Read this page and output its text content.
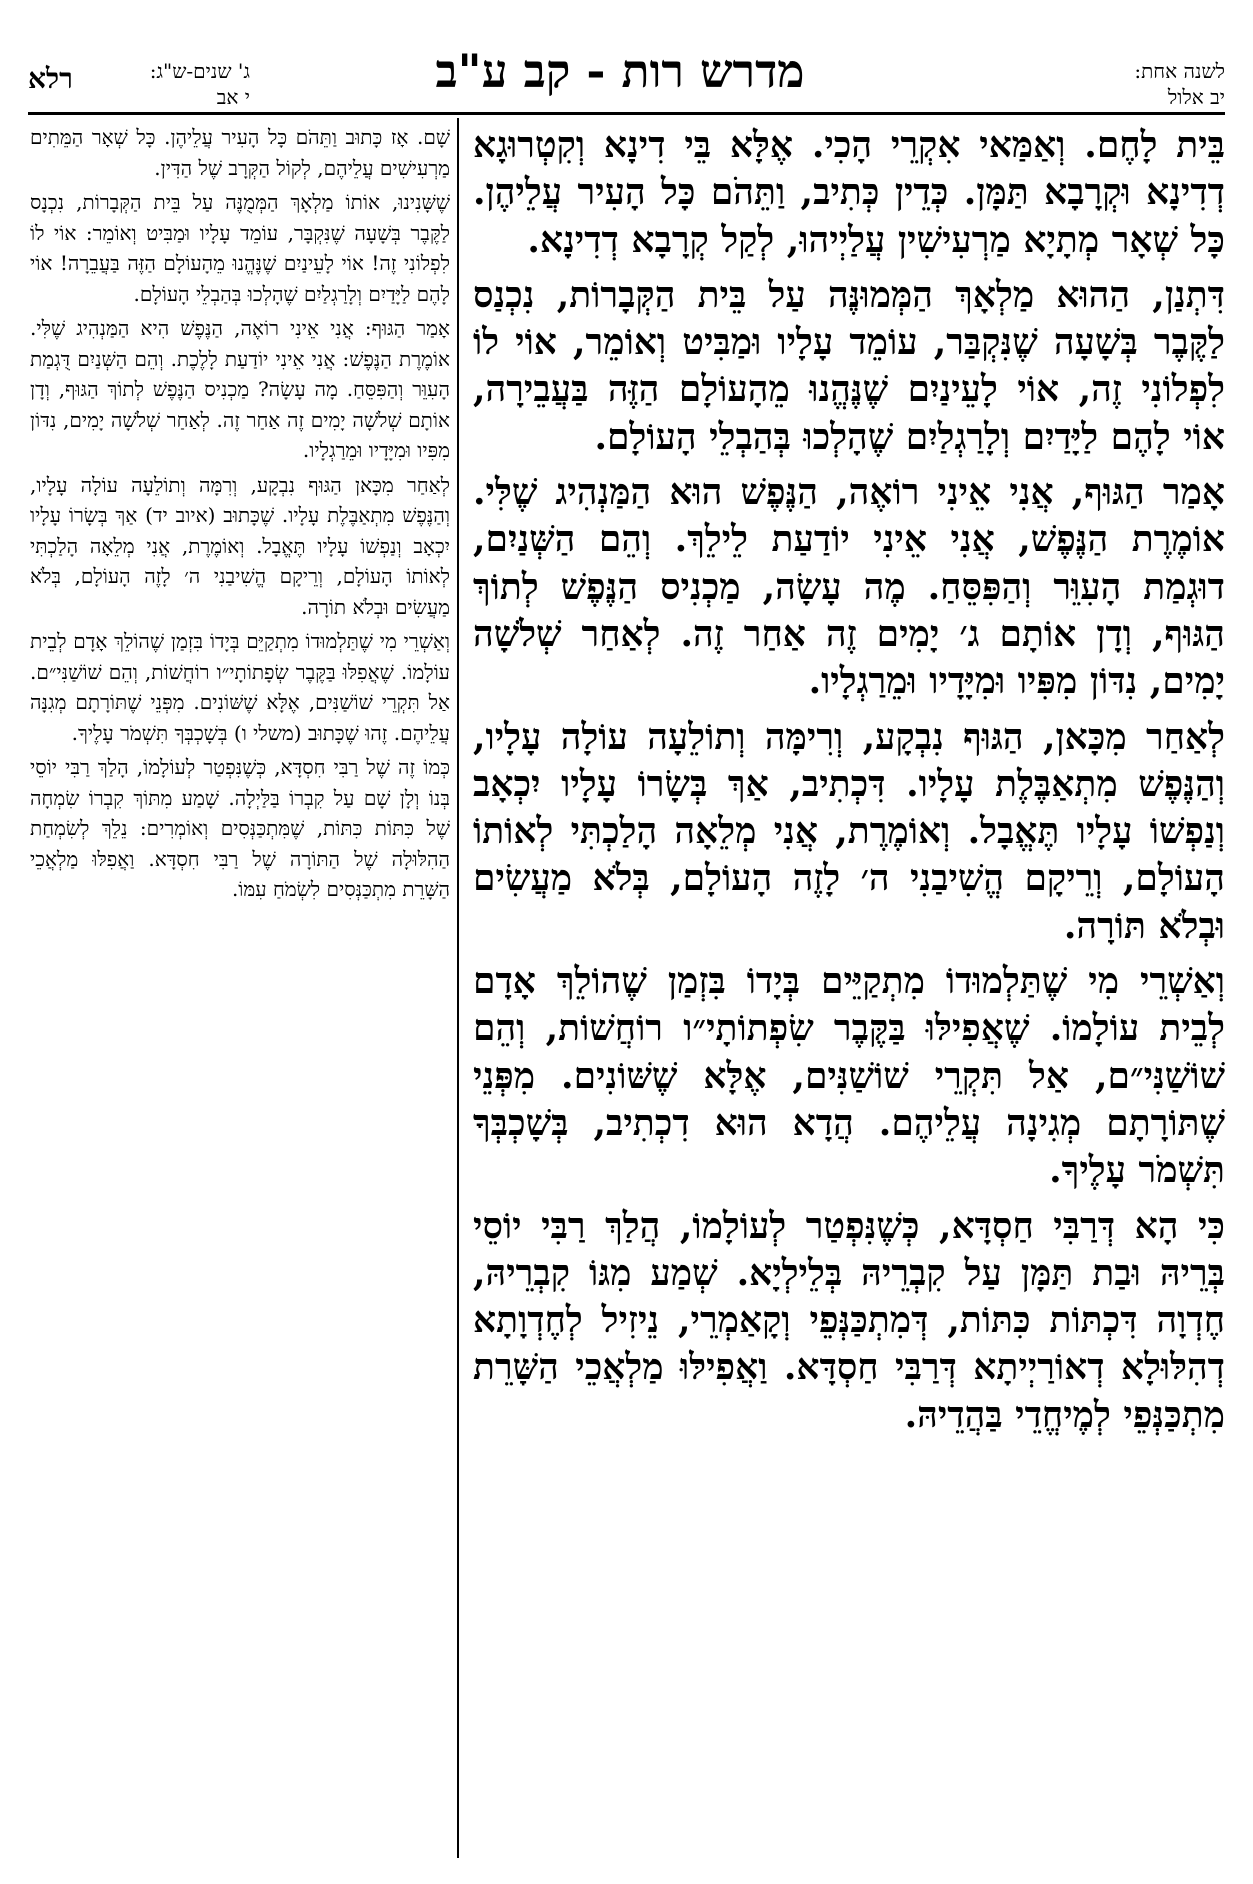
לשנה אחת:
יב אלול
מדרש רות - קב ע"ב
ג' שנים-ש"ג:
י אב
רלא

בֵּית לָחֶם. וְאַמַּאי אִקְרֵי הָכִי. אֶלָּא בֵּי דִינָא וְקִטְרוּגָא דְדִינָא וּקְרָבָא תַּמָּן. כְּדֵין כְּתִיב, וַתֵּהֹם כָּל הָעִיר עֲלֵיהֶן. כָּל שְׁאָר מְתָיָא מַרְעִישִׁין עֲלַיְיהוּ, לְקַל קְרָבָא דְדִינָא.

דִּתְנַן, הַהוּא מַלְאָךְ הַמְּמוּנֶּה עַל בֵּית הַקְּבָרוֹת, נִכְנַס לַקֶּבֶר בְּשָׁעָה שֶׁנִּקְבַּר, עוֹמֵד עָלָיו וּמַבִּיט וְאוֹמֵר, אוֹי לוֹ לִפְלוֹנִי זֶה, אוֹי לָעֵינַיִם שֶׁנֶּהֱנוּ מֵהָעוֹלָם הַזֶּה בַּעֲבֵירָה, אוֹי לָהֶם לַיָּדַיִם וְלָרַגְלַיִם שֶׁהָלְכוּ בְּהַבְלֵי הָעוֹלָם.

אָמַר הַגּוּף, אֲנִי אֵינִי רוֹאֶה, הַנֶּפֶשׁ הוּא הַמַּנְהִיג שֶׁלִּי. אוֹמֶרֶת הַנֶּפֶשׁ, אֲנִי אֵינִי יוֹדַעַת לֵילֵךְ. וְהֵם הַשְּׁנַיִם, דוּגְמַת הָעִוֵּר וְהַפִּסֵּחַ. מֶה עָשָׂה, מַכְנִיס הַנֶּפֶשׁ לְתוֹךְ הַגּוּף, וְדָן אוֹתָם ג׳ יָמִים זֶה אַחַר זֶה. לְאַחַר שְׁלֹשָׁה יָמִים, נִדּוֹן מִפִּיו וּמִיָּדָיו וּמֵרַגְלָיו.

לְאַחַר מִכָּאן, הַגּוּף נִבְקָע, וְרִימָּה וְתוֹלֵעָה עוֹלָה עָלָיו, וְהַנֶּפֶשׁ מִתְאַבֶּלֶת עָלָיו. דִּכְתִיב, אַךְ בְּשָׂרוֹ עָלָיו יִכְאָב וְנַפְשׁוֹ עָלָיו תֶּאֱבָל. וְאוֹמֶרֶת, אֲנִי מְלֵאָה הָלַכְתִּי לְאוֹתוֹ הָעוֹלָם, וְרֵיקָם הֱשִׁיבַנִי ה׳ לָזֶה הָעוֹלָם, בְּלֹא מַעֲשִׂים וּבְלֹא תּוֹרָה.

וְאַשְׁרֵי מִי שֶׁתַּלְמוּדוֹ מִתְקַיֵּים בְּיָדוֹ בִּזְמַן שֶׁהוֹלֵךְ אָדָם לְבֵית עוֹלָמוֹ. שֶׁאֲפִילּוּ בַּקֶּבֶר שִׂפְתוֹתָי״ו רוֹחֲשׁוֹת, וְהֵם שׁוֹשַׁנִּי״ם, אַל תִּקְרֵי שׁוֹשַׁנִּים, אֶלָּא שֶׁשּׁוֹנִים. מִפְּנֵי שֶׁתּוֹרָתָם מְגִינָה עֲלֵיהֶם. הֲדָא הוּא דִכְתִיב, בְּשָׁכְבְּךָ תִּשְׁמֹר עָלֶיךָ.

כִּי הָא דְּרַבִּי חַסְדָּא, כְּשֶׁנִּפְטַר לְעוֹלָמוֹ, הֲלַךְ רַבִּי יוֹסֵי בְּרֵיהּ וּבַת תַּמָּן עַל קִבְרֵיהּ בְּלֵילְיָא. שְׁמַע מִגּוֹ קִבְרֵיהּ, חֶדְוָה דִּכְתּוֹת כִּתּוֹת, דְּמִתְכַּנְּפֵי וְקָאַמְרֵי, נֵיזִיל לְחֶדְוָתָא דְהִלּוּלָא דְאוֹרַיְיתָא דְּרַבִּי חַסְדָּא. וַאֲפִילּוּ מַלְאֲכֵי הַשָּׁרֵת מִתְכַּנְּפֵי לְמֶיחֱדֵי בַּהֲדֵיהּ.

שָׁם. אָז כָּתוּב וַתֵּהֹם כָּל הָעִיר עֲלֵיהֶן. כָּל שְׁאָר הַמֵּתִים מַרְעִישִׁים עֲלֵיהֶם, לְקוֹל הַקְּרָב שֶׁל הַדִּין.

שֶׁשָּׁנִינוּ, אוֹתוֹ מַלְאָךְ הַמְּמֻנֶּה עַל בֵּית הַקְּבָרוֹת, נִכְנָס לַקֶּבֶר בְּשָׁעָה שֶׁנִּקְבָּר, עוֹמֵד עָלָיו וּמַבִּיט וְאוֹמֵר: אוֹי לוֹ לִפְלוֹנִי זֶה! אוֹי לָעֵינַיִם שֶׁנֶּהֱנוּ מֵהָעוֹלָם הַזֶּה בַּעֲבֵרָה! אוֹי לָהֶם לַיָּדַיִם וְלָרַגְלַיִם שֶׁהָלְכוּ בְּהַבְלֵי הָעוֹלָם.

אָמַר הַגּוּף: אֲנִי אֵינִי רוֹאֶה, הַנֶּפֶשׁ הִיא הַמַּנְהִיג שֶׁלִּי. אוֹמֶרֶת הַנֶּפֶשׁ: אֲנִי אֵינִי יוֹדַעַת לָלֶכֶת. וְהֵם הַשְּׁנַיִם דֻּגְמַת הָעִוֵּר וְהַפִּסֵּחַ. מָה עָשָׂה? מַכְנִיס הַנֶּפֶשׁ לְתוֹךְ הַגּוּף, וְדָן אוֹתָם שְׁלֹשָׁה יָמִים זֶה אַחַר זֶה. לְאַחַר שְׁלֹשָׁה יָמִים, נִדּוֹן מִפִּיו וּמִיָּדָיו וּמֵרַגְלָיו.

לְאַחַר מִכָּאן הַגּוּף נִבְקָע, וְרִמָּה וְתוֹלֵעָה עוֹלָה עָלָיו, וְהַנֶּפֶשׁ מִתְאַבֶּלֶת עָלָיו. שֶׁכָּתוּב (איוב יד) אַךְ בְּשָׂרוֹ עָלָיו יִכְאָב וְנַפְשׁוֹ עָלָיו תֶּאֱבָל. וְאוֹמֶרֶת, אֲנִי מְלֵאָה הָלַכְתִּי לְאוֹתוֹ הָעוֹלָם, וְרֵיקָם הֱשִׁיבַנִי ה׳ לָזֶה הָעוֹלָם, בְּלֹא מַעֲשִׂים וּבְלֹא תוֹרָה.

וְאַשְׁרֵי מִי שֶׁתַּלְמוּדוֹ מִתְקַיֵּם בְּיָדוֹ בִּזְמַן שֶׁהוֹלֵךְ אָדָם לְבֵית עוֹלָמוֹ. שֶׁאֲפִלּוּ בַּקֶּבֶר שְׂפָתוֹתָי״ו רוֹחֲשׁוֹת, וְהֵם שׁוֹשַׁנִּי״ם. אַל תִּקְרֵי שׁוֹשַׁנִּים, אֶלָּא שֶׁשּׁוֹנִים. מִפְּנֵי שֶׁתּוֹרָתָם מְגִנָּה עֲלֵיהֶם. זֶהוּ שֶׁכָּתוּב (משלי ו) בְּשָׁכְבְּךָ תִּשְׁמֹר עָלֶיךָ.

כְּמוֹ זֶה שֶׁל רַבִּי חִסְדָּא, כְּשֶׁנִּפְטַר לְעוֹלָמוֹ, הָלַךְ רַבִּי יוֹסֵי בְּנוֹ וְלָן שָׁם עַל קִבְרוֹ בַּלַּיְלָה. שָׁמַע מִתּוֹךְ קִבְרוֹ שִׂמְחָה שֶׁל כִּתּוֹת כִּתּוֹת, שֶׁמִּתְכַּנְּסִים וְאוֹמְרִים: נֵלֵךְ לְשִׂמְחַת הַהִלּוּלָה שֶׁל הַתּוֹרָה שֶׁל רַבִּי חִסְדָּא. וַאֲפִלּוּ מַלְאֲכֵי הַשָּׁרֵת מִתְכַּנְּסִים לִשְׂמֹחַ עִמּוֹ.
